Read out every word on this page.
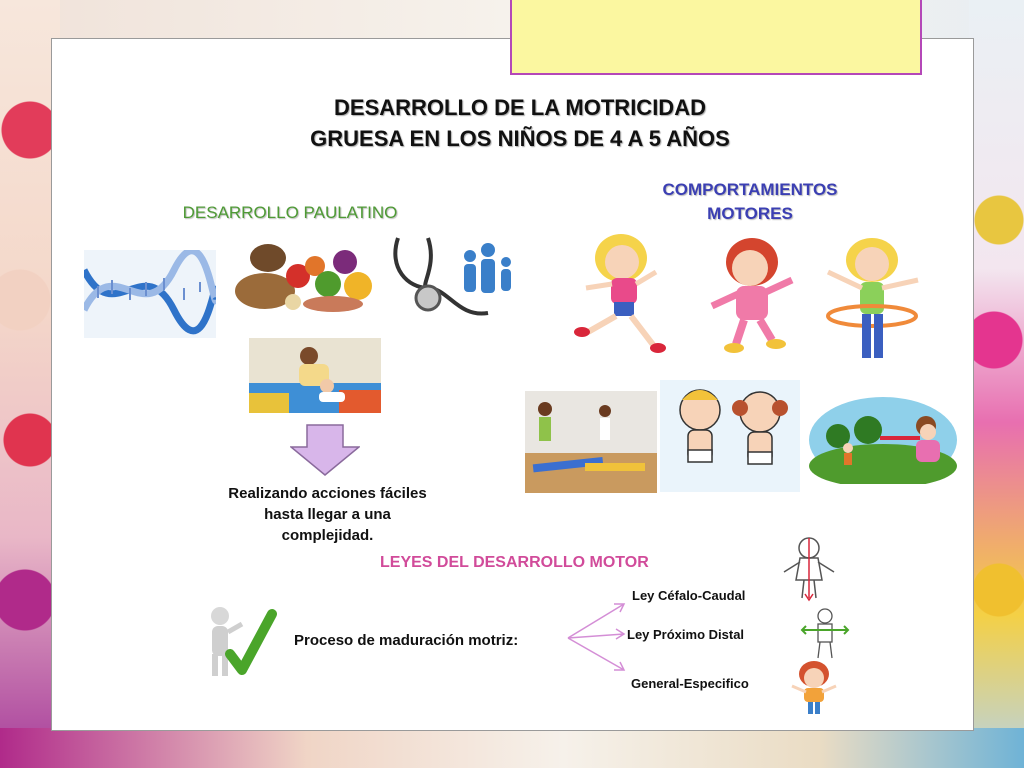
DESARROLLO DE LA MOTRICIDAD
GRUESA EN LOS NIÑOS DE 4 A 5 AÑOS
DESARROLLO PAULATINO
COMPORTAMIENTOS
MOTORES
Realizando acciones fáciles
hasta llegar a una
complejidad.
LEYES DEL DESARROLLO MOTOR
Proceso de maduración motriz:
Ley Céfalo-Caudal
Ley Próximo Distal
General-Especifico
